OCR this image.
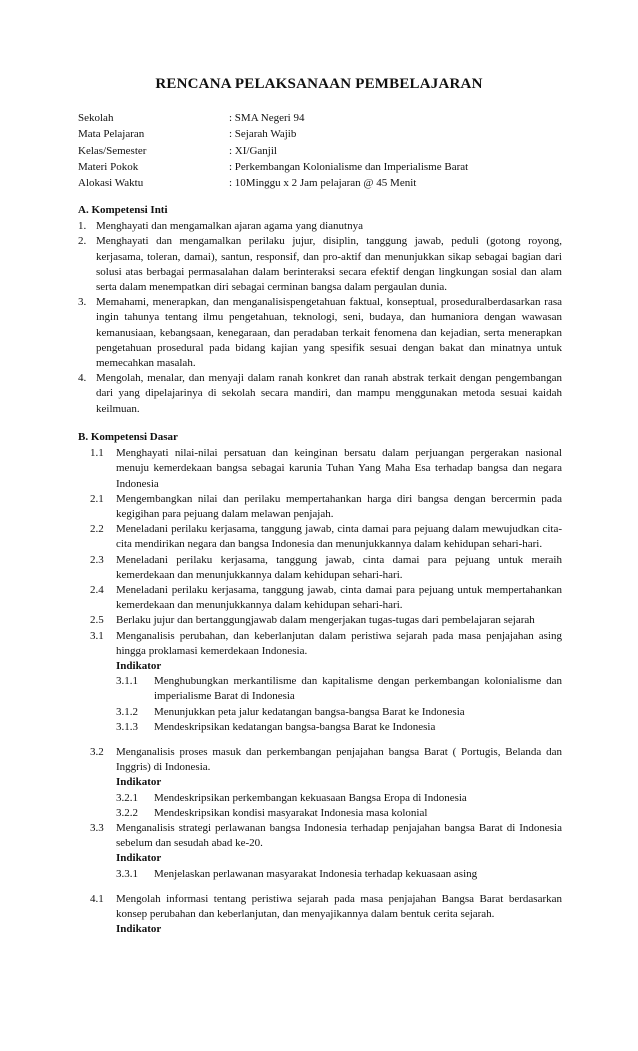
RENCANA PELAKSANAAN PEMBELAJARAN
Sekolah	: SMA Negeri 94
Mata Pelajaran	: Sejarah Wajib
Kelas/Semester	: XI/Ganjil
Materi Pokok	: Perkembangan Kolonialisme dan Imperialisme Barat
Alokasi Waktu	: 10Minggu x 2 Jam pelajaran @ 45 Menit
A. Kompetensi Inti
1. Menghayati dan mengamalkan ajaran agama yang dianutnya
2. Menghayati dan mengamalkan perilaku jujur, disiplin, tanggung jawab, peduli (gotong royong, kerjasama, toleran, damai), santun, responsif, dan pro-aktif dan menunjukkan sikap sebagai bagian dari solusi atas berbagai permasalahan dalam berinteraksi secara efektif dengan lingkungan sosial dan alam serta dalam menempatkan diri sebagai cerminan bangsa dalam pergaulan dunia.
3. Memahami, menerapkan, dan menganalisispengetahuan faktual, konseptual, proseduralberdasarkan rasa ingin tahunya tentang ilmu pengetahuan, teknologi, seni, budaya, dan humaniora dengan wawasan kemanusiaan, kebangsaan, kenegaraan, dan peradaban terkait fenomena dan kejadian, serta menerapkan pengetahuan prosedural pada bidang kajian yang spesifik sesuai dengan bakat dan minatnya untuk memecahkan masalah.
4. Mengolah, menalar, dan menyaji dalam ranah konkret dan ranah abstrak terkait dengan pengembangan dari yang dipelajarinya di sekolah secara mandiri, dan mampu menggunakan metoda sesuai kaidah keilmuan.
B. Kompetensi Dasar
1.1 Menghayati nilai-nilai persatuan dan keinginan bersatu dalam perjuangan pergerakan nasional menuju kemerdekaan bangsa sebagai karunia Tuhan Yang Maha Esa terhadap bangsa dan negara Indonesia
2.1 Mengembangkan nilai dan perilaku mempertahankan harga diri bangsa dengan bercermin pada kegigihan para pejuang dalam melawan penjajah.
2.2 Meneladani perilaku kerjasama, tanggung jawab, cinta damai para pejuang dalam mewujudkan cita-cita mendirikan negara dan bangsa Indonesia dan menunjukkannya dalam kehidupan sehari-hari.
2.3 Meneladani perilaku kerjasama, tanggung jawab, cinta damai para pejuang untuk meraih kemerdekaan dan menunjukkannya dalam kehidupan sehari-hari.
2.4 Meneladani perilaku kerjasama, tanggung jawab, cinta damai para pejuang untuk mempertahankan kemerdekaan dan menunjukkannya dalam kehidupan sehari-hari.
2.5 Berlaku jujur dan bertanggungjawab dalam mengerjakan tugas-tugas dari pembelajaran sejarah
3.1 Menganalisis perubahan, dan keberlanjutan dalam peristiwa sejarah pada masa penjajahan asing hingga proklamasi kemerdekaan Indonesia.
Indikator
3.1.1 Menghubungkan merkantilisme dan kapitalisme dengan perkembangan kolonialisme dan imperialisme Barat di Indonesia
3.1.2 Menunjukkan peta jalur kedatangan bangsa-bangsa Barat ke Indonesia
3.1.3 Mendeskripsikan kedatangan bangsa-bangsa Barat ke Indonesia
3.2 Menganalisis proses masuk dan perkembangan penjajahan bangsa Barat ( Portugis, Belanda dan Inggris) di Indonesia.
Indikator
3.2.1 Mendeskripsikan perkembangan kekuasaan Bangsa Eropa di Indonesia
3.2.2 Mendeskripsikan kondisi masyarakat Indonesia masa kolonial
3.3 Menganalisis strategi perlawanan bangsa Indonesia terhadap penjajahan bangsa Barat di Indonesia sebelum dan sesudah abad ke-20.
Indikator
3.3.1 Menjelaskan perlawanan masyarakat Indonesia terhadap kekuasaan asing
4.1 Mengolah informasi tentang peristiwa sejarah pada masa penjajahan Bangsa Barat berdasarkan konsep perubahan dan keberlanjutan, dan menyajikannya dalam bentuk cerita sejarah.
Indikator
